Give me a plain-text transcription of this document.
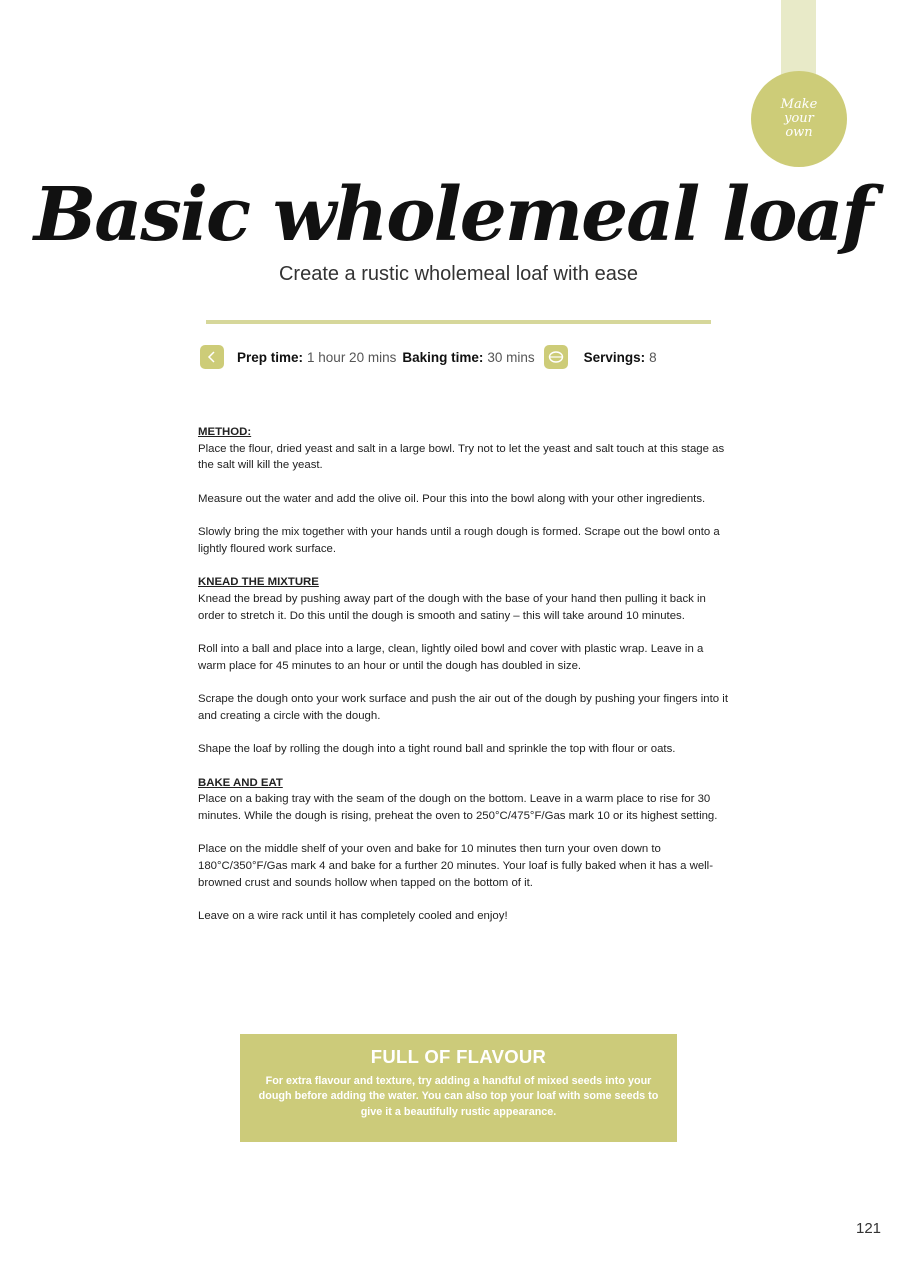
Make your own
Basic wholemeal loaf
Create a rustic wholemeal loaf with ease
Prep time: 1 hour 20 mins Baking time: 30 mins	Servings: 8

METHOD:

Place the flour, dried yeast and salt in a large bowl. Try not to let the yeast and salt touch at this stage as the salt will kill the yeast.

Measure out the water and add the olive oil. Pour this into the bowl along with your other ingredients.

Slowly bring the mix together with your hands until a rough dough is formed. Scrape out the bowl onto a lightly floured work surface.

KNEAD THE MIXTURE

Knead the bread by pushing away part of the dough with the base of your hand then pulling it back in order to stretch it. Do this until the dough is smooth and satiny – this will take around 10 minutes.

Roll into a ball and place into a large, clean, lightly oiled bowl and cover with plastic wrap. Leave in a warm place for 45 minutes to an hour or until the dough has doubled in size.

Scrape the dough onto your work surface and push the air out of the dough by pushing your fingers into it and creating a circle with the dough.

Shape the loaf by rolling the dough into a tight round ball and sprinkle the top with flour or oats.

BAKE AND EAT

Place on a baking tray with the seam of the dough on the bottom. Leave in a warm place to rise for 30 minutes. While the dough is rising, preheat the oven to 250°C/475°F/Gas mark 10 or its highest setting.

Place on the middle shelf of your oven and bake for 10 minutes then turn your oven down to 180°C/350°F/Gas mark 4 and bake for a further 20 minutes. Your loaf is fully baked when it has a well-browned crust and sounds hollow when tapped on the bottom of it.

Leave on a wire rack until it has completely cooled and enjoy!

FULL OF FLAVOUR
For extra flavour and texture, try adding a handful of mixed seeds into your dough before adding the water. You can also top your loaf with some seeds to give it a beautifully rustic appearance.
121
